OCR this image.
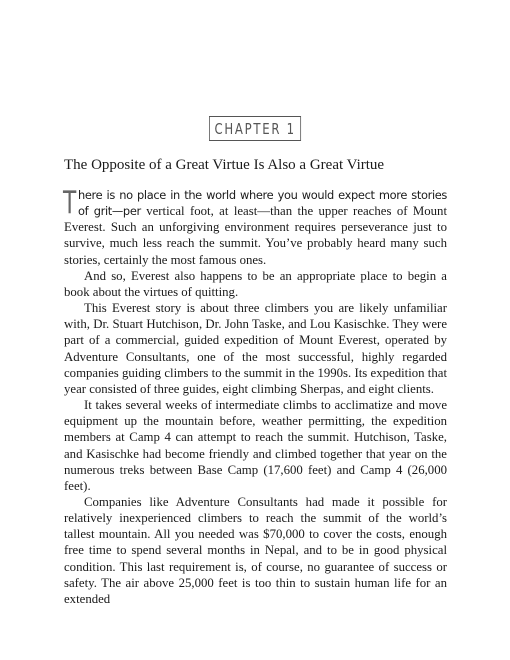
CHAPTER 1
The Opposite of a Great Virtue Is Also a Great Virtue

There is no place in the world where you would expect more stories of grit—per vertical foot, at least—than the upper reaches of Mount Everest. Such an unforgiving environment requires perseverance just to survive, much less reach the summit. You’ve probably heard many such stories, certainly the most famous ones.

And so, Everest also happens to be an appropriate place to begin a book about the virtues of quitting.

This Everest story is about three climbers you are likely unfamiliar with, Dr. Stuart Hutchison, Dr. John Taske, and Lou Kasischke. They were part of a commercial, guided expedition of Mount Everest, operated by Adventure Consultants, one of the most successful, highly regarded companies guiding climbers to the summit in the 1990s. Its expedition that year consisted of three guides, eight climbing Sherpas, and eight clients.

It takes several weeks of intermediate climbs to acclimatize and move equipment up the mountain before, weather permitting, the expedition members at Camp 4 can attempt to reach the summit. Hutchison, Taske, and Kasischke had become friendly and climbed together that year on the numerous treks between Base Camp (17,600 feet) and Camp 4 (26,000 feet).

Companies like Adventure Consultants had made it possible for relatively inexperienced climbers to reach the summit of the world’s tallest mountain. All you needed was $70,000 to cover the costs, enough free time to spend several months in Nepal, and to be in good physical condition. This last requirement is, of course, no guarantee of success or safety. The air above 25,000 feet is too thin to sustain human life for an extended
